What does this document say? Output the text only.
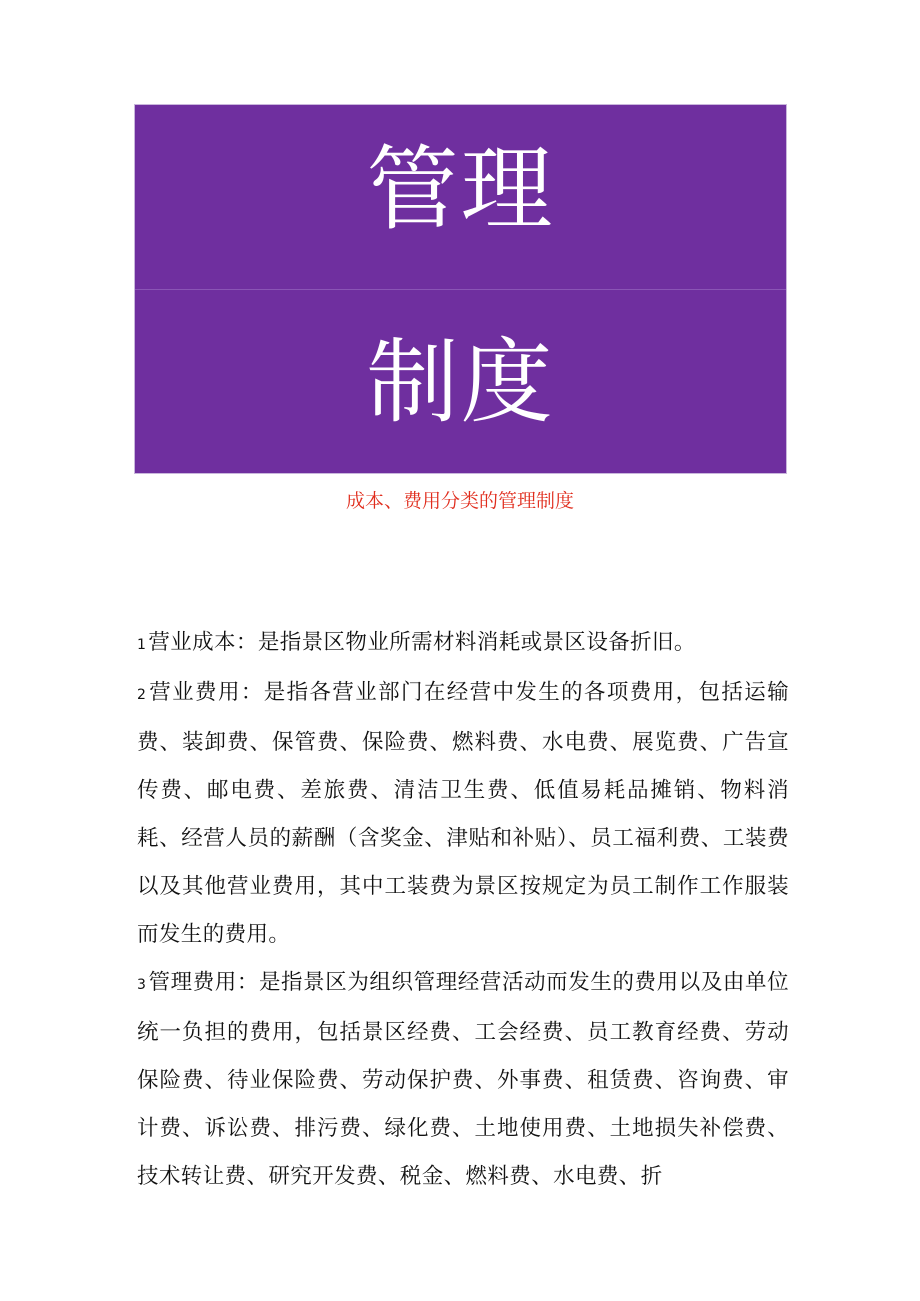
管理
制度
成本、费用分类的管理制度

1营业成本：是指景区物业所需材料消耗或景区设备折旧。

2营业费用：是指各营业部门在经营中发生的各项费用，包括运输费、装卸费、保管费、保险费、燃料费、水电费、展览费、广告宣传费、邮电费、差旅费、清洁卫生费、低值易耗品摊销、物料消耗、经营人员的薪酬（含奖金、津贴和补贴）、员工福利费、工装费以及其他营业费用，其中工装费为景区按规定为员工制作工作服装而发生的费用。

3管理费用：是指景区为组织管理经营活动而发生的费用以及由单位统一负担的费用，包括景区经费、工会经费、员工教育经费、劳动保险费、待业保险费、劳动保护费、外事费、租赁费、咨询费、审计费、诉讼费、排污费、绿化费、土地使用费、土地损失补偿费、技术转让费、研究开发费、税金、燃料费、水电费、折
